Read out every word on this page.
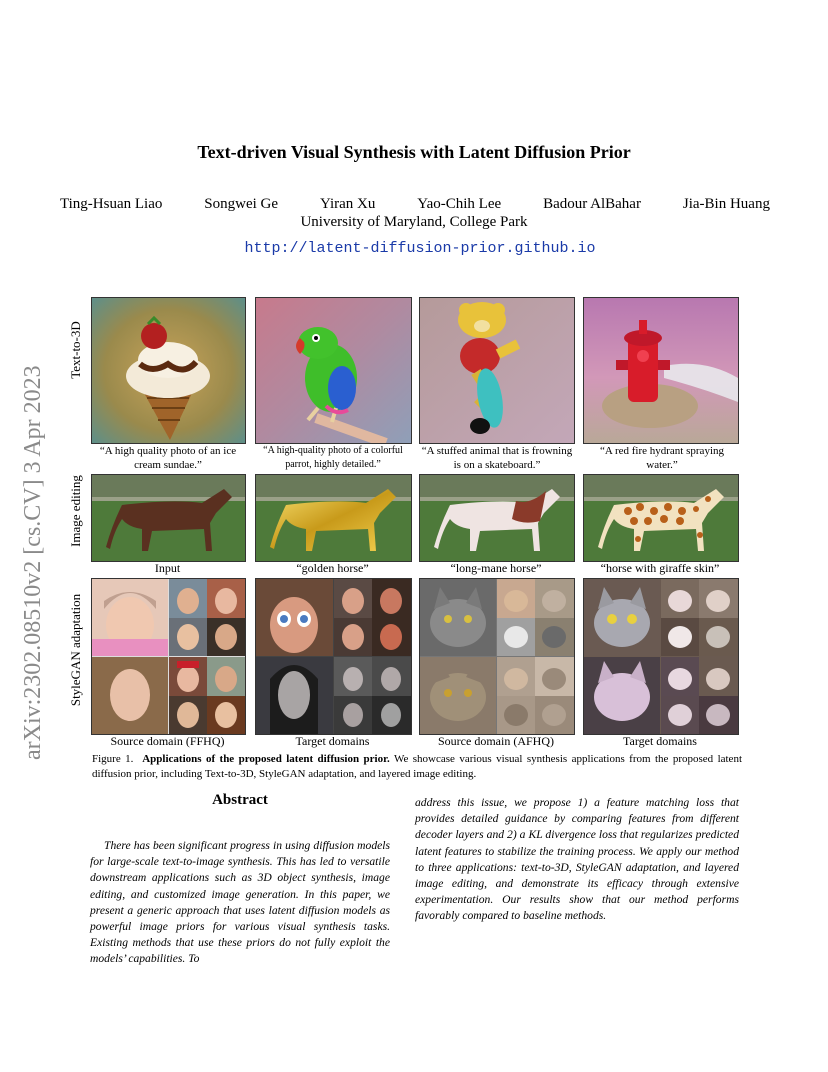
Text-driven Visual Synthesis with Latent Diffusion Prior
Ting-Hsuan Liao	Songwei Ge	Yiran Xu	Yao-Chih Lee	Badour AlBahar	Jia-Bin Huang
University of Maryland, College Park
http://latent-diffusion-prior.github.io
arXiv:2302.08510v2 [cs.CV] 3 Apr 2023
Text-to-3D
Image editing
StyleGAN adaptation
“A high quality photo of an ice cream sundae.”
“A high-quality photo of a colorful parrot, highly detailed.”
“A stuffed animal that is frowning is on a skateboard.”
“A red fire hydrant spraying water.”
Input	“golden horse”	“long-mane horse”	“horse with giraffe skin”
Source domain (FFHQ)	Target domains	Source domain (AFHQ)	Target domains
Figure 1. Applications of the proposed latent diffusion prior. We showcase various visual synthesis applications from the proposed latent diffusion prior, including Text-to-3D, StyleGAN adaptation, and layered image editing.
Abstract
There has been significant progress in using diffusion models for large-scale text-to-image synthesis. This has led to versatile downstream applications such as 3D object synthesis, image editing, and customized image generation. In this paper, we present a generic approach that uses latent diffusion models as powerful image priors for various visual synthesis tasks. Existing methods that use these priors do not fully exploit the models’ capabilities. To
address this issue, we propose 1) a feature matching loss that provides detailed guidance by comparing features from different decoder layers and 2) a KL divergence loss that regularizes predicted latent features to stabilize the training process. We apply our method to three applications: text-to-3D, StyleGAN adaptation, and layered image editing, and demonstrate its efficacy through extensive experimentation. Our results show that our method performs favorably compared to baseline methods.
